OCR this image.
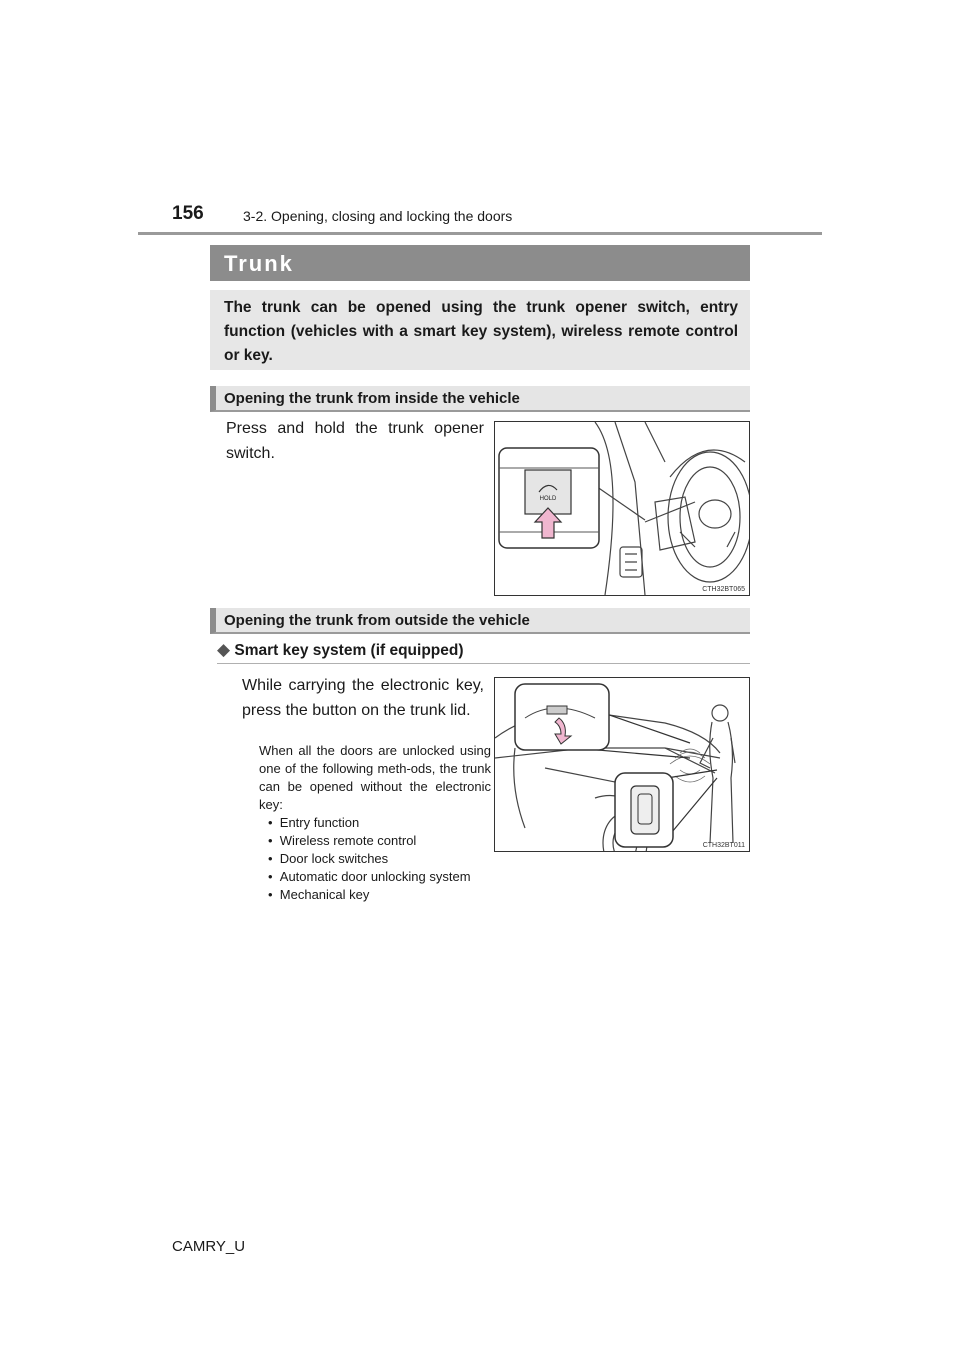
156	3-2. Opening, closing and locking the doors
Trunk
The trunk can be opened using the trunk opener switch, entry function (vehicles with a smart key system), wireless remote control or key.
Opening the trunk from inside the vehicle
Press and hold the trunk opener switch.
HOLD
CTH32BT065
Opening the trunk from outside the vehicle
◆ Smart key system (if equipped)
While carrying the electronic key, press the button on the trunk lid.
When all the doors are unlocked using one of the following meth-ods, the trunk can be opened without the electronic key:
•  Entry function
•  Wireless remote control
•  Door lock switches
•  Automatic door unlocking system
•  Mechanical key
CTH32BT011
CAMRY_U
